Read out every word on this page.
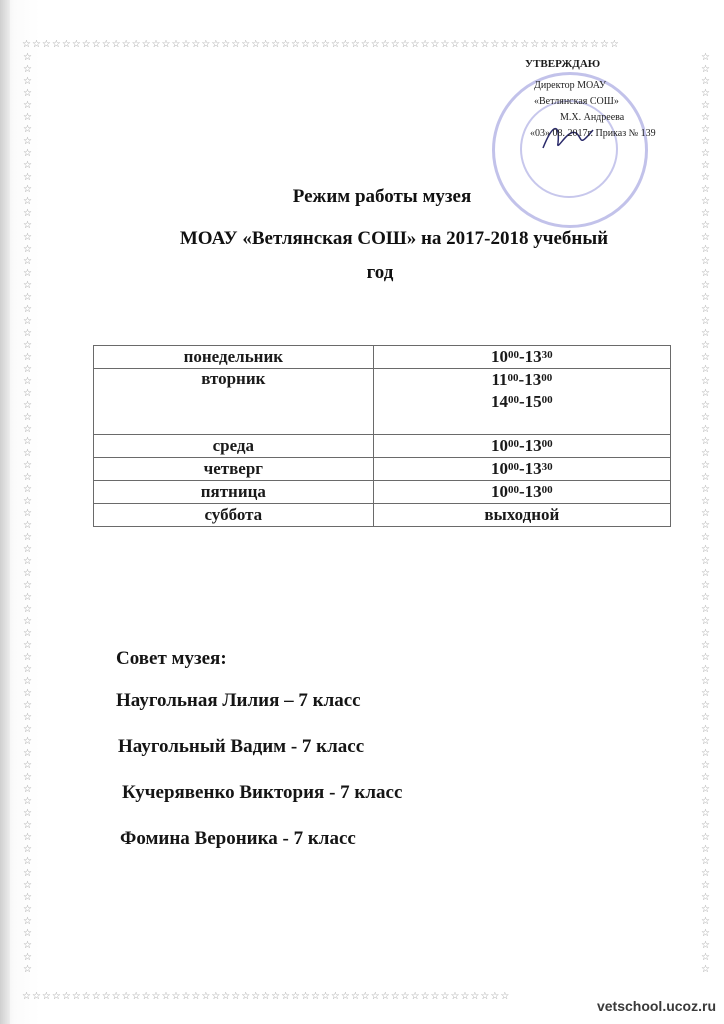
☆☆☆☆☆☆☆☆☆☆☆☆☆☆☆☆☆☆☆☆☆☆☆☆☆☆☆☆☆☆☆☆☆☆☆☆☆☆☆☆☆☆☆☆☆☆☆☆☆☆☆☆☆☆☆☆☆☆☆☆
☆☆☆☆☆☆☆☆☆☆☆☆☆☆☆☆☆☆☆☆☆☆☆☆☆☆☆☆☆☆☆☆☆☆☆☆☆☆☆☆☆☆☆☆☆☆☆☆☆
☆☆☆☆☆☆☆☆☆☆☆☆☆☆☆☆☆☆☆☆☆☆☆☆☆☆☆☆☆☆☆☆☆☆☆☆☆☆☆☆☆☆☆☆☆☆☆☆☆☆☆☆☆☆☆☆☆☆☆☆☆☆☆☆☆☆☆☆☆☆☆☆☆☆☆☆☆
☆☆☆☆☆☆☆☆☆☆☆☆☆☆☆☆☆☆☆☆☆☆☆☆☆☆☆☆☆☆☆☆☆☆☆☆☆☆☆☆☆☆☆☆☆☆☆☆☆☆☆☆☆☆☆☆☆☆☆☆☆☆☆☆☆☆☆☆☆☆☆☆☆☆☆☆☆
УТВЕРЖДАЮ
Директор МОАУ
«Ветлянская СОШ»
М.Х. Андреева
«03» 08. 2017г. Приказ № 139
Режим работы музея
МОАУ «Ветлянская СОШ» на 2017-2018 учебный
год
понедельник	$10^{00}-13^{30}$

вторник	$11^{00}-13^{00}$
$14^{00}-15^{00}$

среда	$10^{00}-13^{00}$

четверг	$10^{00}-13^{30}$

пятница	$10^{00}-13^{00}$

суббота	выходной
Совет музея:
Наугольная Лилия – 7 класс
Наугольный Вадим - 7 класс
Кучерявенко Виктория - 7 класс
Фомина Вероника - 7 класс
vetschool.ucoz.ru
